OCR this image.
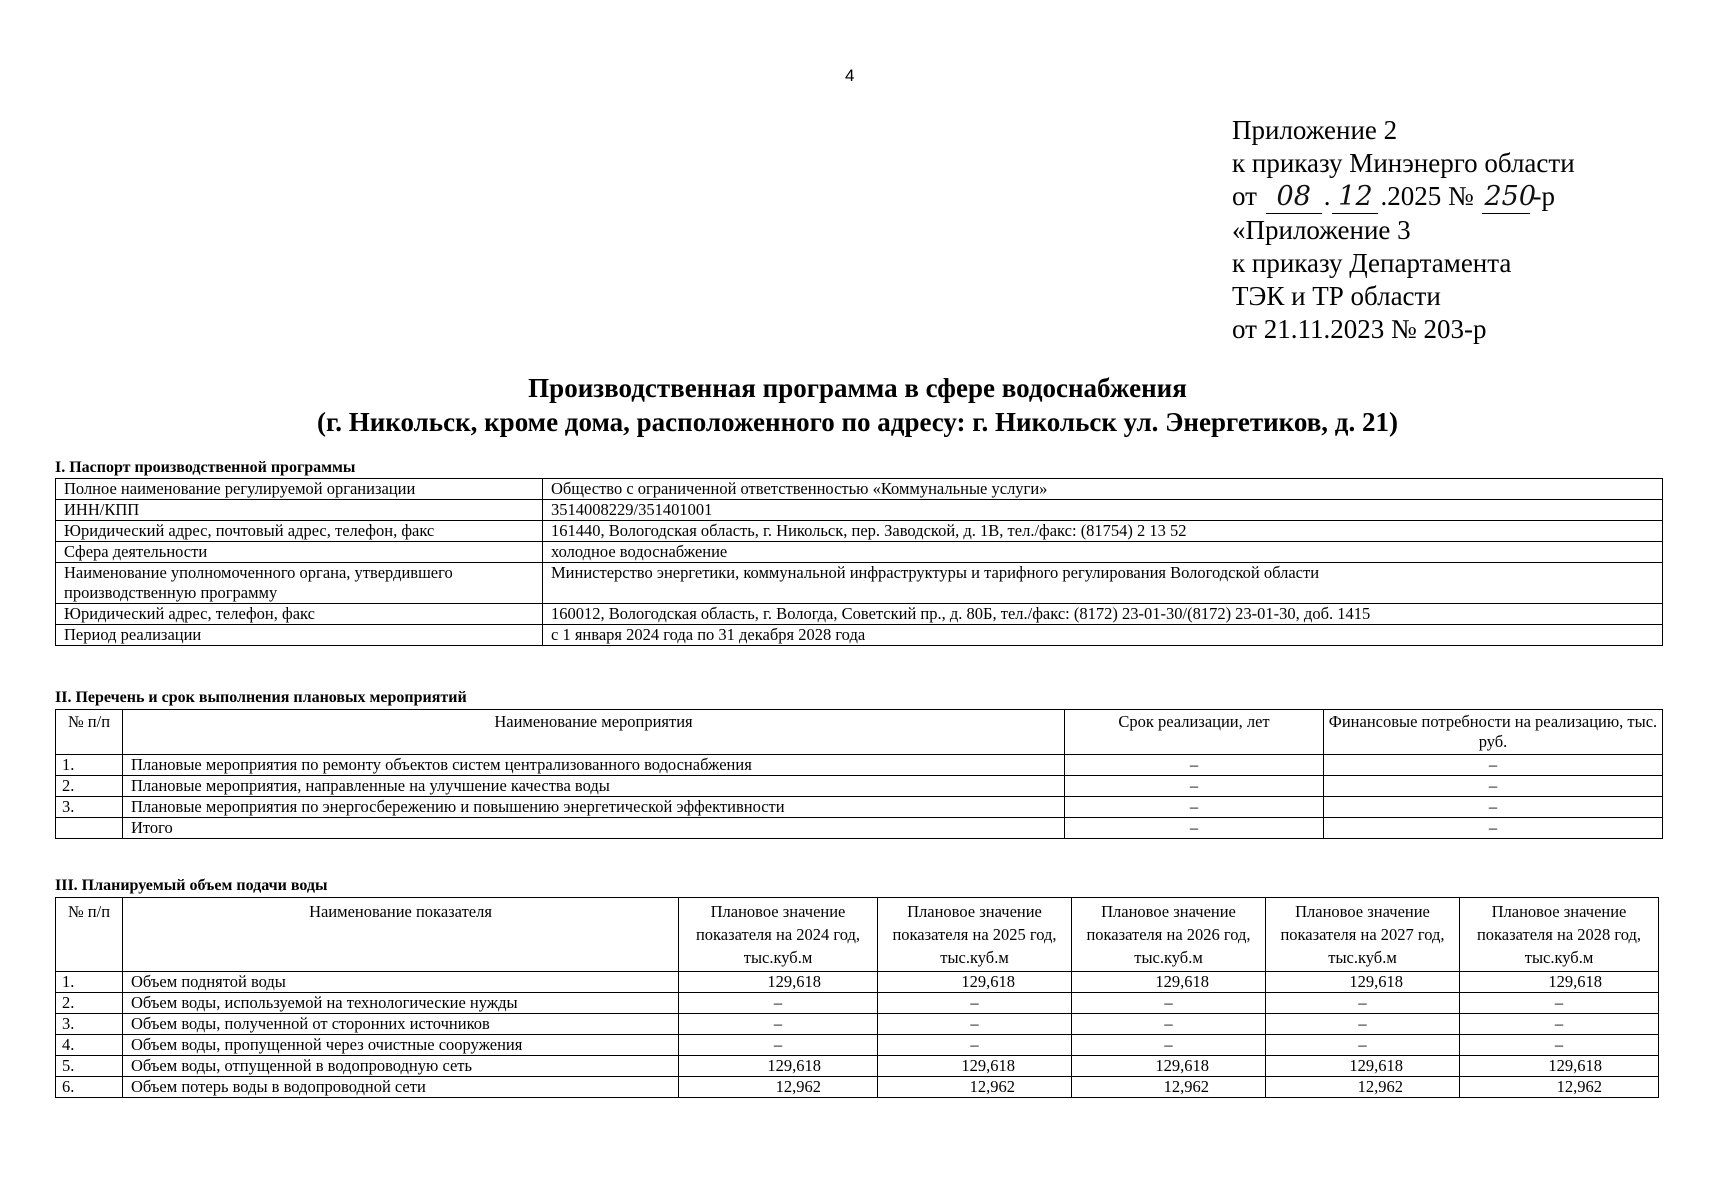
4
Приложение 2
к приказу Минэнерго области
от 08 . 12 .2025 № 250-р
«Приложение 3
к приказу Департамента
ТЭК и ТР области
от 21.11.2023 № 203-р
Производственная программа в сфере водоснабжения
(г. Никольск, кроме дома, расположенного по адресу: г. Никольск ул. Энергетиков, д. 21)
I. Паспорт производственной программы
Полное наименование регулируемой организации	Общество с ограниченной ответственностью «Коммунальные услуги»
ИНН/КПП	3514008229/351401001
Юридический адрес, почтовый адрес, телефон, факс	161440, Вологодская область, г. Никольск, пер. Заводской, д. 1В, тел./факс: (81754) 2 13 52
Сфера деятельности	холодное водоснабжение
Наименование уполномоченного органа, утвердившего производственную программу	Министерство энергетики, коммунальной инфраструктуры и тарифного регулирования Вологодской области
Юридический адрес, телефон, факс	160012, Вологодская область, г. Вологда, Советский пр., д. 80Б, тел./факс: (8172) 23-01-30/(8172) 23-01-30, доб. 1415
Период реализации	с 1 января 2024 года по 31 декабря 2028 года
II. Перечень и срок выполнения плановых мероприятий
№ п/п	Наименование мероприятия	Срок реализации, лет	Финансовые потребности на реализацию, тыс. руб.
1.	Плановые мероприятия по ремонту объектов систем централизованного водоснабжения	–	–
2.	Плановые мероприятия, направленные на улучшение качества воды	–	–
3.	Плановые мероприятия по энергосбережению и повышению энергетической эффективности	–	–
	Итого	–	–
III. Планируемый объем подачи воды
№ п/п	Наименование показателя	Плановое значение показателя на 2024 год, тыс.куб.м	Плановое значение показателя на 2025 год, тыс.куб.м	Плановое значение показателя на 2026 год, тыс.куб.м	Плановое значение показателя на 2027 год, тыс.куб.м	Плановое значение показателя на 2028 год, тыс.куб.м
1.	Объем поднятой воды	129,618	129,618	129,618	129,618	129,618
2.	Объем воды, используемой на технологические нужды	–	–	–	–	–
3.	Объем воды, полученной от сторонних источников	–	–	–	–	–
4.	Объем воды, пропущенной через очистные сооружения	–	–	–	–	–
5.	Объем воды, отпущенной в водопроводную сеть	129,618	129,618	129,618	129,618	129,618
6.	Объем потерь воды в водопроводной сети	12,962	12,962	12,962	12,962	12,962
